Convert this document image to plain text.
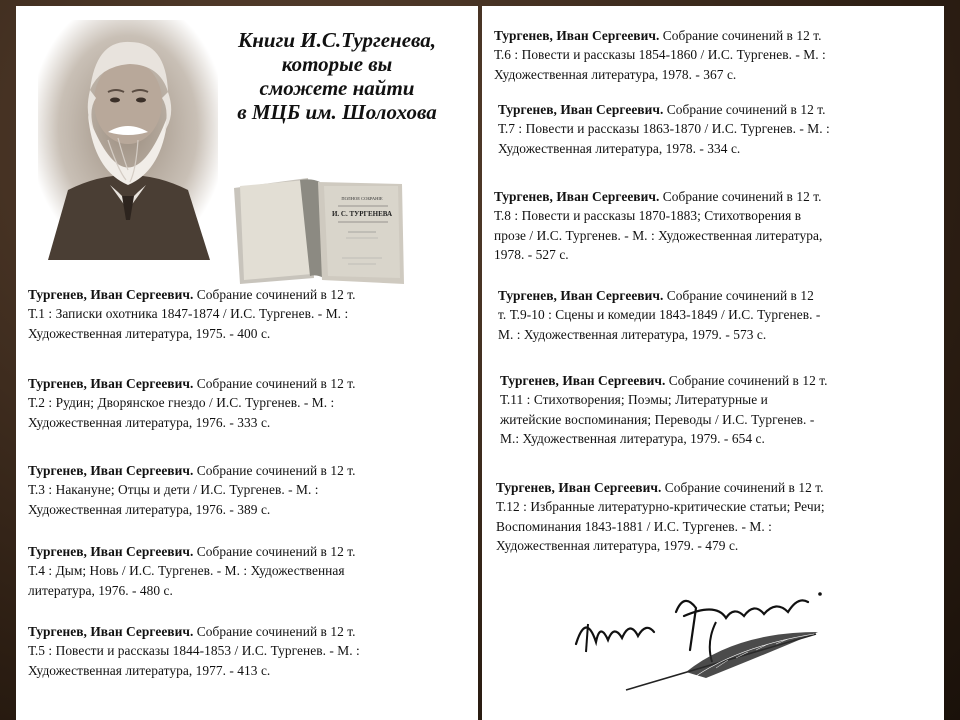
Книги И.С.Тургенева,
которые вы
сможете найти
в МЦБ им. Шолохова
ПОЛНОЕ СОБРАНІЕ
И. С. ТУРГЕНЕВА
Тургенев, Иван Сергеевич. Собрание сочинений в 12 т.
Т.1 : Записки охотника 1847-1874 / И.С. Тургенев. - М. :
Художественная литература, 1975. - 400 с.
Тургенев, Иван Сергеевич. Собрание сочинений в 12 т.
Т.2 : Рудин; Дворянское гнездо / И.С. Тургенев. - М. :
Художественная литература, 1976. - 333 с.
Тургенев, Иван Сергеевич. Собрание сочинений в 12 т.
Т.3 : Накануне; Отцы и дети / И.С. Тургенев. - М. :
Художественная литература, 1976. - 389 с.
Тургенев, Иван Сергеевич. Собрание сочинений в 12 т.
Т.4 : Дым; Новь / И.С. Тургенев. - М. : Художественная
литература, 1976. - 480 с.
Тургенев, Иван Сергеевич. Собрание сочинений в 12 т.
Т.5 : Повести и рассказы 1844-1853 / И.С. Тургенев. - М. :
Художественная литература, 1977. - 413 с.
Тургенев, Иван Сергеевич. Собрание сочинений в 12 т.
Т.6 : Повести и рассказы 1854-1860 / И.С. Тургенев. - М. :
Художественная литература, 1978. - 367 с.
Тургенев, Иван Сергеевич. Собрание сочинений в 12 т.
Т.7 : Повести и рассказы 1863-1870 / И.С. Тургенев. - М. :
Художественная литература, 1978. - 334 с.
Тургенев, Иван Сергеевич. Собрание сочинений в 12 т.
Т.8 : Повести и рассказы 1870-1883; Стихотворения в
прозе / И.С. Тургенев. - М. : Художественная литература,
1978. - 527 с.
Тургенев, Иван Сергеевич. Собрание сочинений в 12
т. Т.9-10 : Сцены и комедии 1843-1849 / И.С. Тургенев. -
М. : Художественная литература, 1979. - 573 с.
Тургенев, Иван Сергеевич. Собрание сочинений в 12 т.
Т.11 : Стихотворения; Поэмы; Литературные и
житейские воспоминания; Переводы / И.С. Тургенев. -
М.: Художественная литература, 1979. - 654 с.
Тургенев, Иван Сергеевич. Собрание сочинений в 12 т.
Т.12 : Избранные литературно-критические статьи; Речи;
Воспоминания 1843-1881 / И.С. Тургенев. - М. :
Художественная литература, 1979. - 479 с.
